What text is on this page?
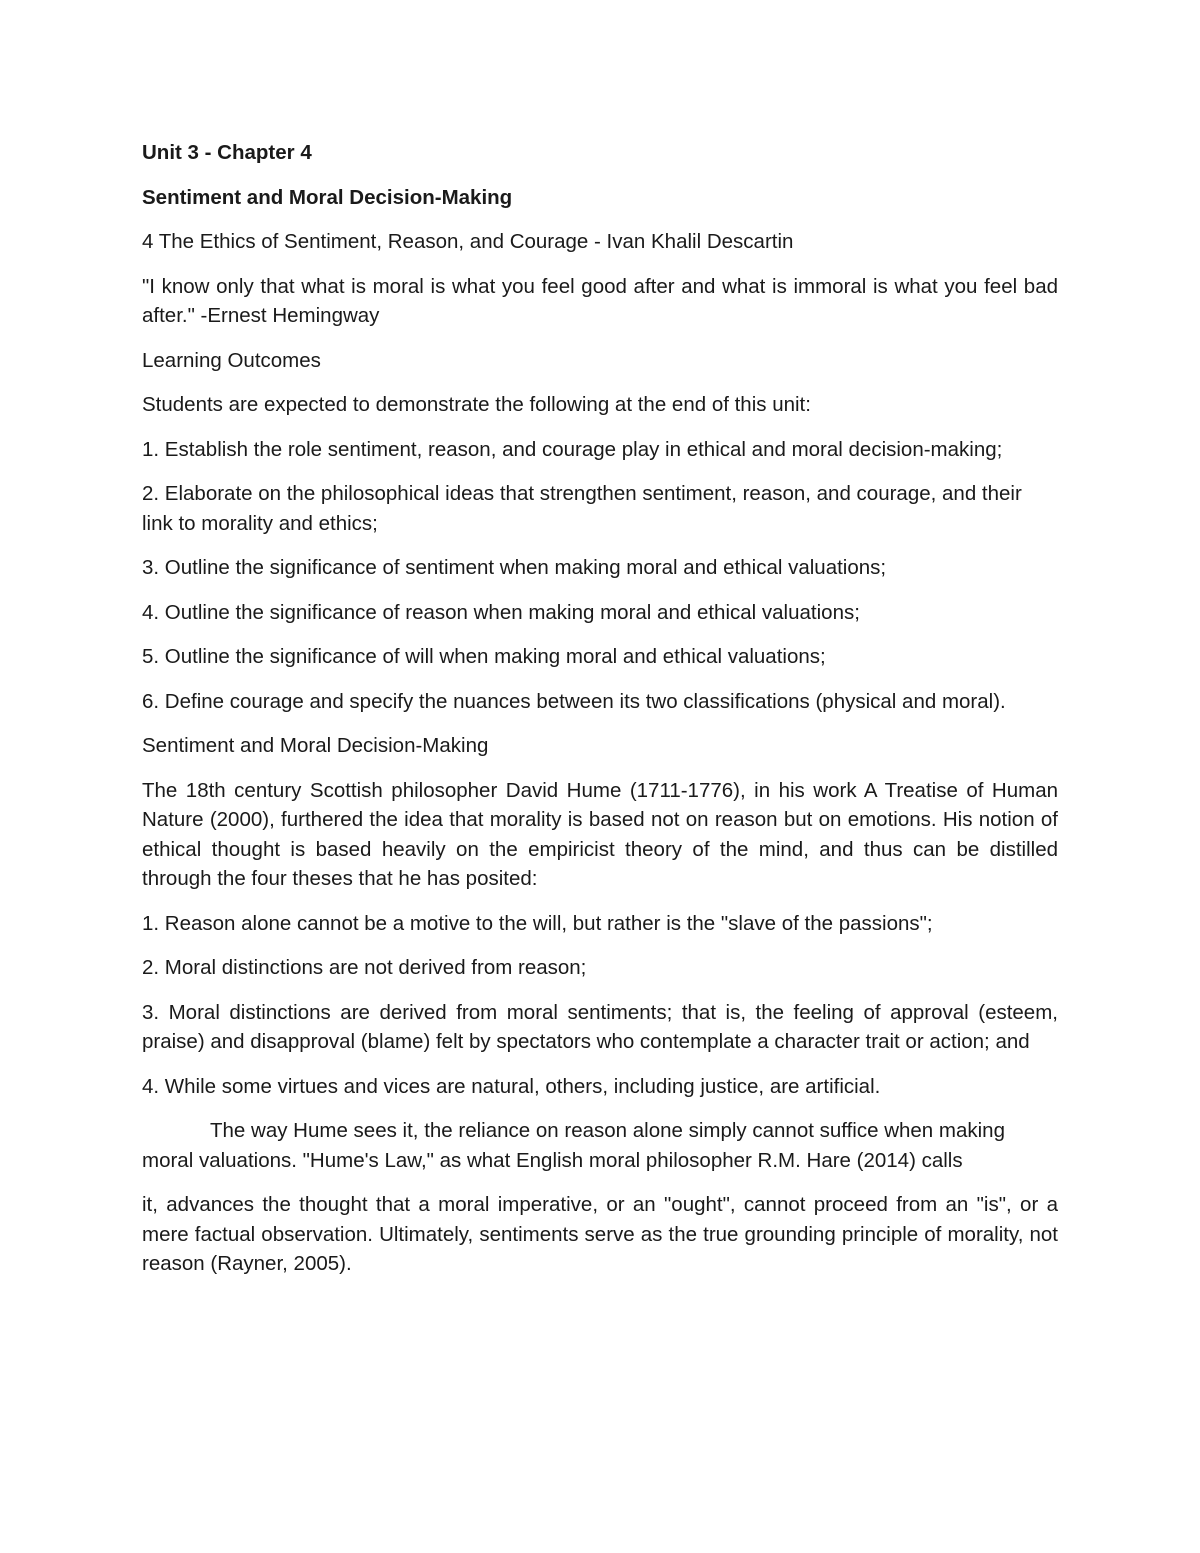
Unit 3 - Chapter 4

Sentiment and Moral Decision-Making

4 The Ethics of Sentiment, Reason, and Courage - Ivan Khalil Descartin

"I know only that what is moral is what you feel good after and what is immoral is what you feel bad after." -Ernest Hemingway

Learning Outcomes

Students are expected to demonstrate the following at the end of this unit:

1. Establish the role sentiment, reason, and courage play in ethical and moral decision-making;

2. Elaborate on the philosophical ideas that strengthen sentiment, reason, and courage, and their link to morality and ethics;

3. Outline the significance of sentiment when making moral and ethical valuations;

4. Outline the significance of reason when making moral and ethical valuations;

5. Outline the significance of will when making moral and ethical valuations;

6. Define courage and specify the nuances between its two classifications (physical and moral).

Sentiment and Moral Decision-Making

The 18th century Scottish philosopher David Hume (1711-1776), in his work A Treatise of Human Nature (2000), furthered the idea that morality is based not on reason but on emotions. His notion of ethical thought is based heavily on the empiricist theory of the mind, and thus can be distilled through the four theses that he has posited:

1. Reason alone cannot be a motive to the will, but rather is the "slave of the passions";

2. Moral distinctions are not derived from reason;

3. Moral distinctions are derived from moral sentiments; that is, the feeling of approval (esteem, praise) and disapproval (blame) felt by spectators who contemplate a character trait or action; and

4. While some virtues and vices are natural, others, including justice, are artificial.

The way Hume sees it, the reliance on reason alone simply cannot suffice when making moral valuations. "Hume's Law," as what English moral philosopher R.M. Hare (2014) calls

it, advances the thought that a moral imperative, or an "ought", cannot proceed from an "is", or a mere factual observation. Ultimately, sentiments serve as the true grounding principle of morality, not reason (Rayner, 2005).
